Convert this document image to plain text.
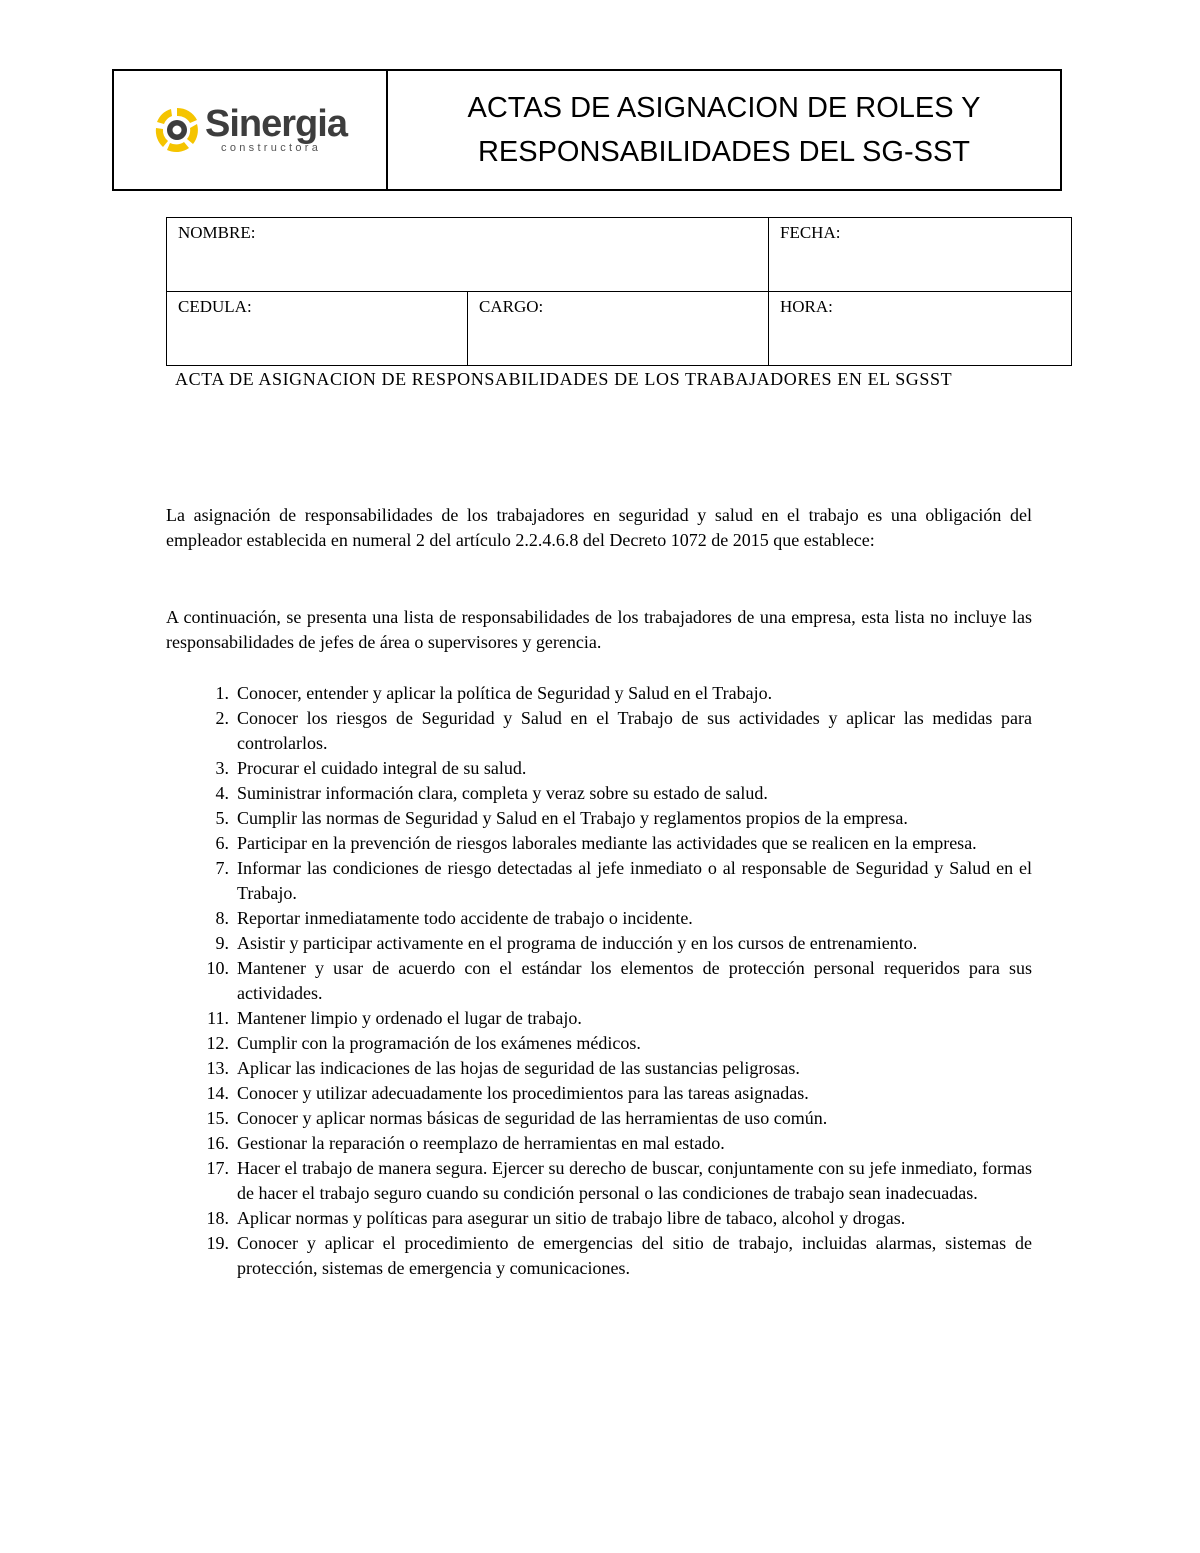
Sinergia
constructora
ACTAS DE ASIGNACION DE ROLES Y
RESPONSABILIDADES DEL SG-SST
NOMBRE:		FECHA:
CEDULA:	CARGO:	HORA:
ACTA DE ASIGNACION DE RESPONSABILIDADES DE LOS TRABAJADORES EN EL SGSST

La asignación de responsabilidades de los trabajadores en seguridad y salud en el trabajo es una obligación del empleador establecida en numeral 2 del artículo 2.2.4.6.8 del Decreto 1072 de 2015 que establece:

A continuación, se presenta una lista de responsabilidades de los trabajadores de una empresa, esta lista no incluye las responsabilidades de jefes de área o supervisores y gerencia.

1. Conocer, entender y aplicar la política de Seguridad y Salud en el Trabajo.
2. Conocer los riesgos de Seguridad y Salud en el Trabajo de sus actividades y aplicar las medidas para controlarlos.
3. Procurar el cuidado integral de su salud.
4. Suministrar información clara, completa y veraz sobre su estado de salud.
5. Cumplir las normas de Seguridad y Salud en el Trabajo y reglamentos propios de la empresa.
6. Participar en la prevención de riesgos laborales mediante las actividades que se realicen en la empresa.
7. Informar las condiciones de riesgo detectadas al jefe inmediato o al responsable de Seguridad y Salud en el Trabajo.
8. Reportar inmediatamente todo accidente de trabajo o incidente.
9. Asistir y participar activamente en el programa de inducción y en los cursos de entrenamiento.
10. Mantener y usar de acuerdo con el estándar los elementos de protección personal requeridos para sus actividades.
11. Mantener limpio y ordenado el lugar de trabajo.
12. Cumplir con la programación de los exámenes médicos.
13. Aplicar las indicaciones de las hojas de seguridad de las sustancias peligrosas.
14. Conocer y utilizar adecuadamente los procedimientos para las tareas asignadas.
15. Conocer y aplicar normas básicas de seguridad de las herramientas de uso común.
16. Gestionar la reparación o reemplazo de herramientas en mal estado.
17. Hacer el trabajo de manera segura. Ejercer su derecho de buscar, conjuntamente con su jefe inmediato, formas de hacer el trabajo seguro cuando su condición personal o las condiciones de trabajo sean inadecuadas.
18. Aplicar normas y políticas para asegurar un sitio de trabajo libre de tabaco, alcohol y drogas.
19. Conocer y aplicar el procedimiento de emergencias del sitio de trabajo, incluidas alarmas, sistemas de protección, sistemas de emergencia y comunicaciones.
